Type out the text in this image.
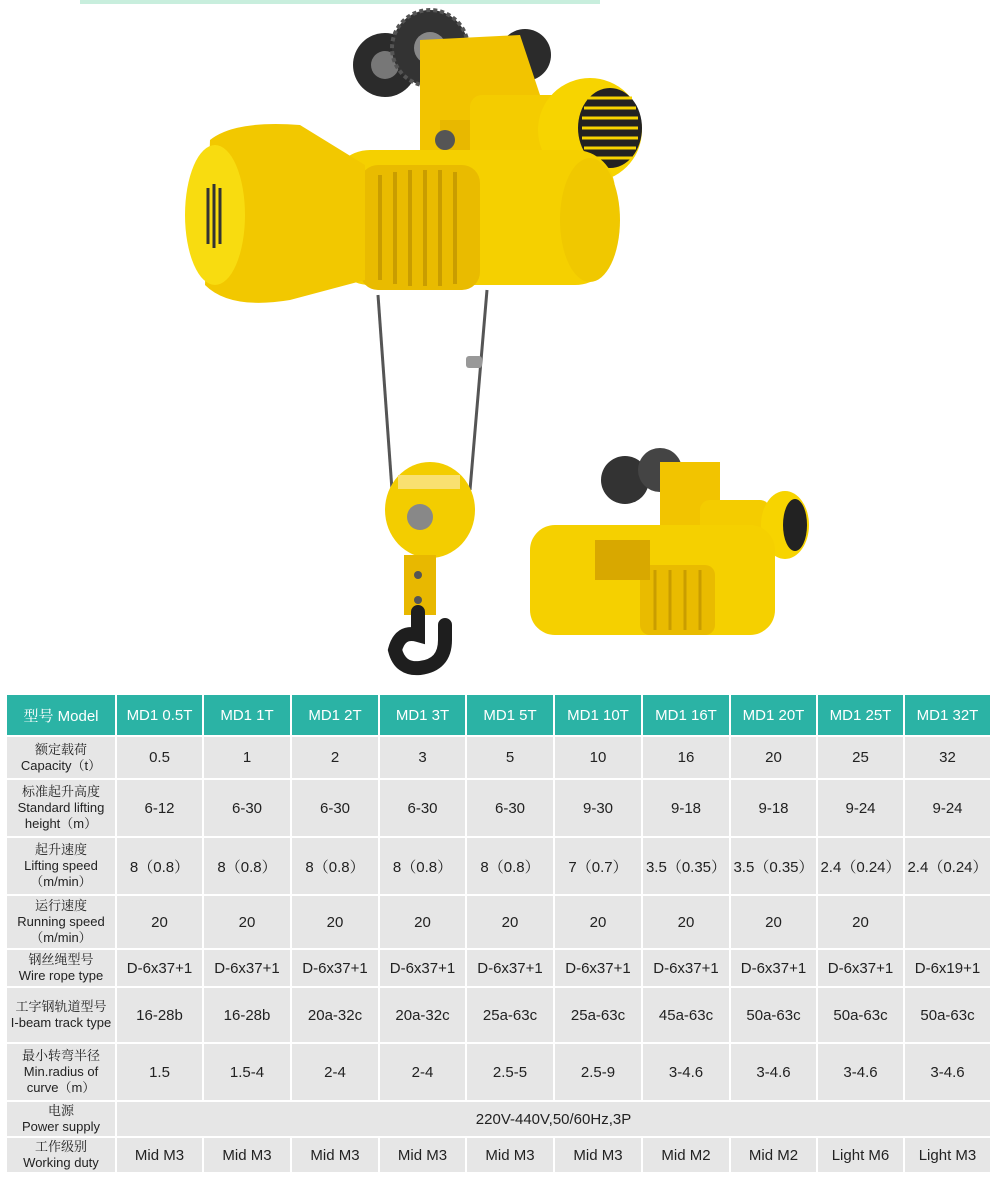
型号 Model	MD1 0.5T	MD1 1T	MD1 2T	MD1 3T	MD1 5T	MD1 10T	MD1 16T	MD1 20T	MD1 25T	MD1 32T

额定载荷
Capacity（t）	0.5	1	2	3	5	10	16	20	25	32

标准起升高度
Standard lifting height（m）	6-12	6-30	6-30	6-30	6-30	9-30	9-18	9-18	9-24	9-24

起升速度
Lifting speed（m/min）	8（0.8）	8（0.8）	8（0.8）	8（0.8）	8（0.8）	7（0.7）	3.5（0.35）	3.5（0.35）	2.4（0.24）	2.4（0.24）

运行速度
Running speed（m/min）	20	20	20	20	20	20	20	20	20	

钢丝绳型号
Wire rope type	D-6x37+1	D-6x37+1	D-6x37+1	D-6x37+1	D-6x37+1	D-6x37+1	D-6x37+1	D-6x37+1	D-6x37+1	D-6x19+1

工字钢轨道型号
I-beam track type	16-28b	16-28b	20a-32c	20a-32c	25a-63c	25a-63c	45a-63c	50a-63c	50a-63c	50a-63c

最小转弯半径
Min.radius of curve（m）	1.5	1.5-4	2-4	2-4	2.5-5	2.5-9	3-4.6	3-4.6	3-4.6	3-4.6

电源
Power supply	220V-440V,50/60Hz,3P									

工作级别
Working duty	Mid M3	Mid M3	Mid M3	Mid M3	Mid M3	Mid M3	Mid M2	Mid M2	Light M6	Light M3
